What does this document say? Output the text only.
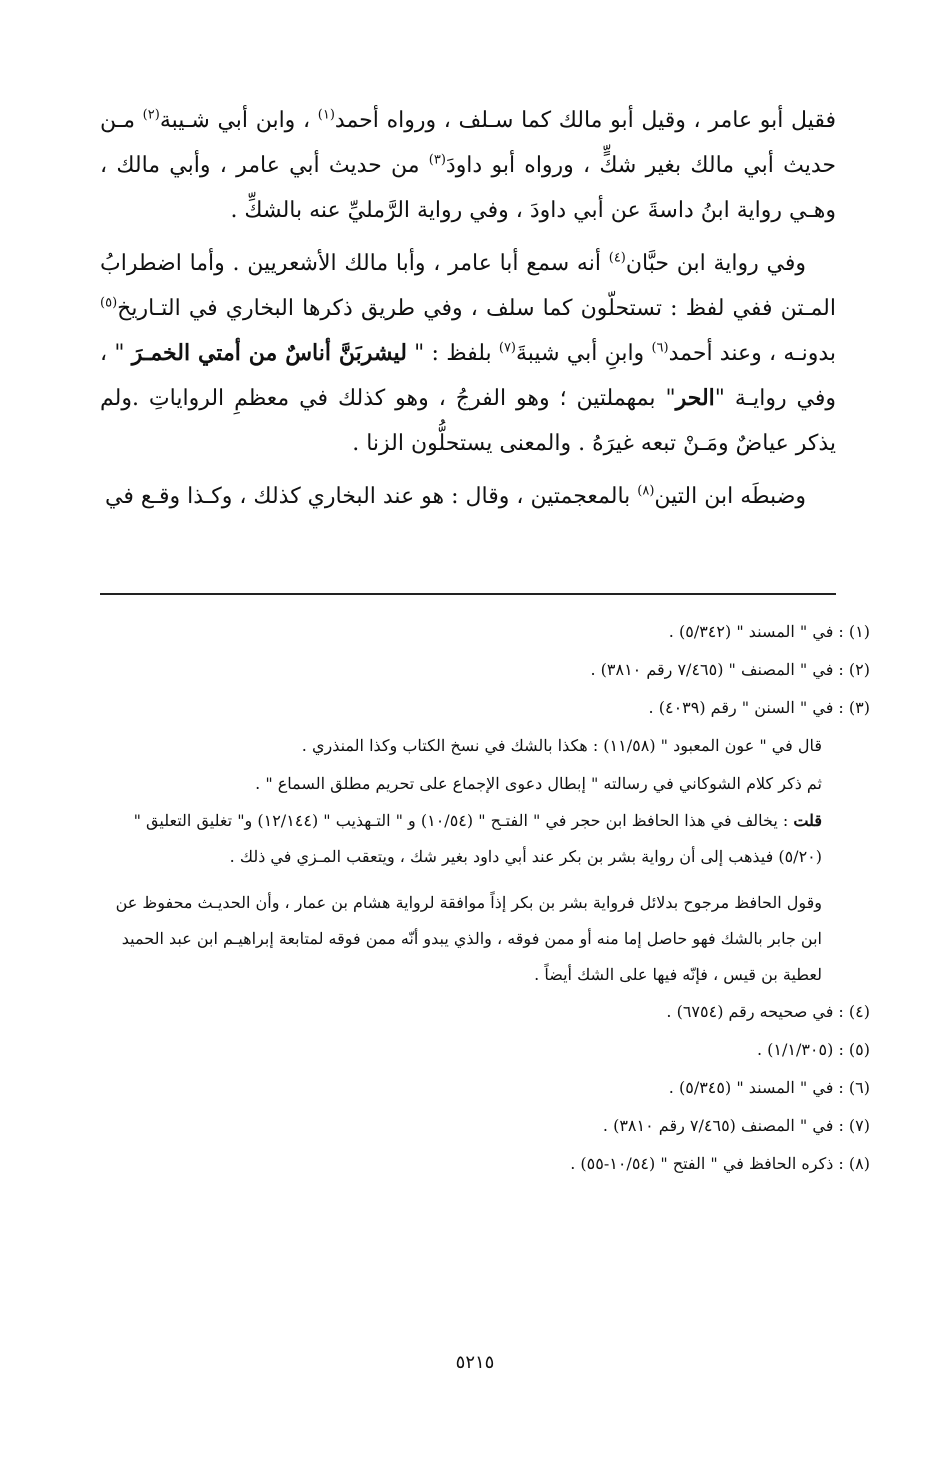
فقيل أبو عامر ، وقيل أبو مالك كما سـلف ، ورواه أحمد$^{(١)}$ ، وابن أبي شـيبة$^{(٢)}$ مـن حديث أبي مالك بغير شكٍّ ، ورواه أبو داودَ$^{(٣)}$ من حديث أبي عامر ، وأبي مالك ، وهـي رواية ابنُ داسةَ عن أبي داودَ ، وفي رواية الرَّمليِّ عنه بالشكِّ .

وفي رواية ابن حبَّان$^{(٤)}$ أنه سمع أبا عامر ، وأبا مالك الأشعريين . وأما اضطرابُ المـتن ففي لفظ : تستحلّون كما سلف ، وفي طريق ذكرها البخاري في التـاريخ$^{(٥)}$ بدونـه ، وعند أحمد$^{(٦)}$ وابنِ أبي شيبةَ$^{(٧)}$ بلفظ : " ليشربَنَّ أناسٌ من أمتي الخمـرَ " ، وفي روايـة "الحر" بمهملتين ؛ وهو الفرجُ ، وهو كذلك في معظمِ الرواياتِ .ولم يذكر عياضٌ ومَـنْ تبعه غيرَهُ . والمعنى يستحلُّون الزنا .

وضبطَه ابن التين$^{(٨)}$ بالمعجمتين ، وقال : هو عند البخاري كذلك ، وكـذا وقـع في

(١) : في " المسند " (٥/٣٤٢) .

(٢) : في " المصنف " (٧/٤٦٥ رقم ٣٨١٠) .

(٣) : في " السنن " رقم (٤٠٣٩) .

قال في " عون المعبود " (١١/٥٨) : هكذا بالشك في نسخ الكتاب وكذا المنذري .

ثم ذكر كلام الشوكاني في رسالته " إبطال دعوى الإجماع على تحريم مطلق السماع " .

قلت : يخالف في هذا الحافظ ابن حجر في " الفتـح " (١٠/٥٤) و " التـهذيب " (١٢/١٤٤) و" تغليق التعليق " (٥/٢٠) فيذهب إلى أن رواية بشر بن بكر عند أبي داود بغير شك ، ويتعقب المـزي في ذلك .

وقول الحافظ مرجوح بدلائل فرواية بشر بن بكر إذاً موافقة لرواية هشام بن عمار ، وأن الحديـث محفوظ عن ابن جابر بالشك فهو حاصل إما منه أو ممن فوقه ، والذي يبدو أنّه ممن فوقه لمتابعة إبراهيـم ابن عبد الحميد لعطية بن قيس ، فإنّه فيها على الشك أيضاً .

(٤) : في صحيحه رقم (٦٧٥٤) .

(٥) : (١/١/٣٠٥) .

(٦) : في " المسند " (٥/٣٤٥) .

(٧) : في " المصنف (٧/٤٦٥ رقم ٣٨١٠) .

(٨) : ذكره الحافظ في " الفتح " (١٠/٥٤-٥٥) .

٥٢١٥
